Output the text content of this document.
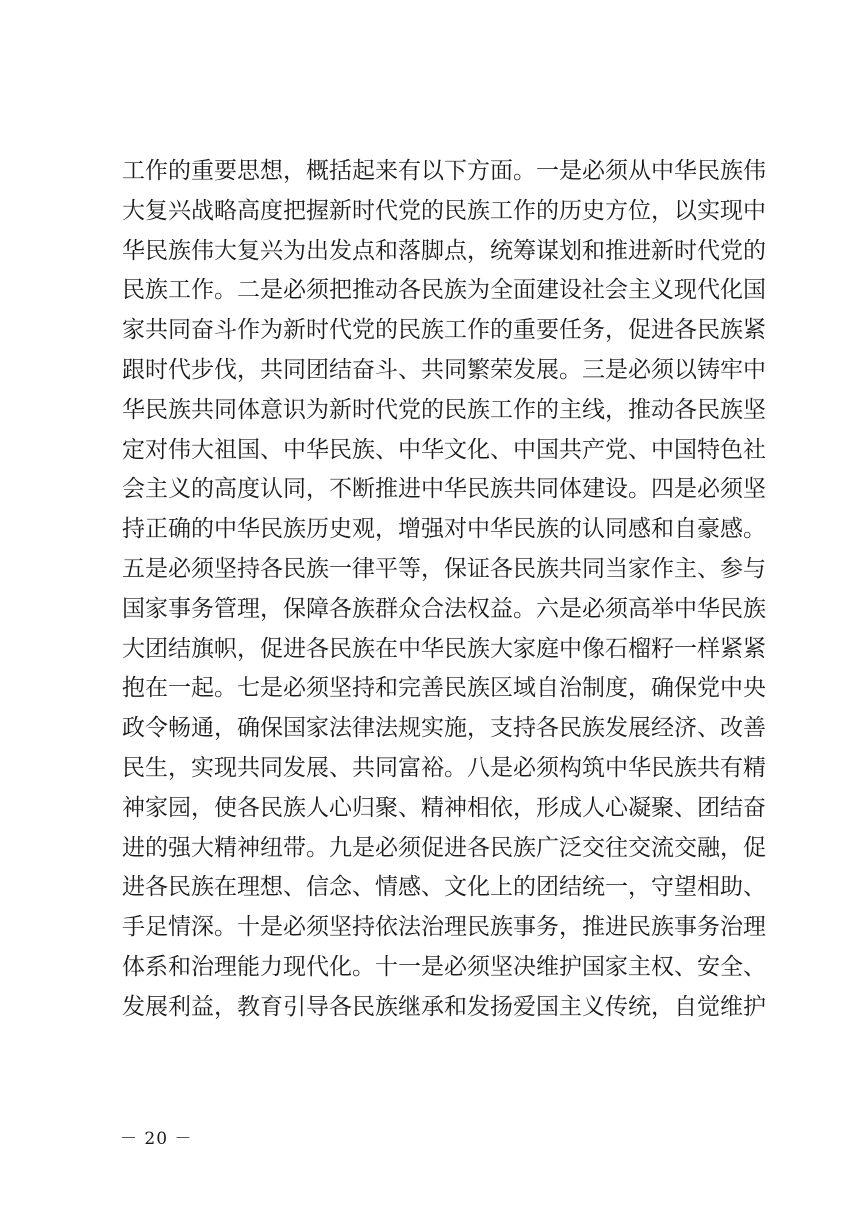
工作的重要思想，概括起来有以下方面。一是必须从中华民族伟
大复兴战略高度把握新时代党的民族工作的历史方位，以实现中
华民族伟大复兴为出发点和落脚点，统筹谋划和推进新时代党的
民族工作。二是必须把推动各民族为全面建设社会主义现代化国
家共同奋斗作为新时代党的民族工作的重要任务，促进各民族紧
跟时代步伐，共同团结奋斗、共同繁荣发展。三是必须以铸牢中
华民族共同体意识为新时代党的民族工作的主线，推动各民族坚
定对伟大祖国、中华民族、中华文化、中国共产党、中国特色社
会主义的高度认同，不断推进中华民族共同体建设。四是必须坚
持正确的中华民族历史观，增强对中华民族的认同感和自豪感。
五是必须坚持各民族一律平等，保证各民族共同当家作主、参与
国家事务管理，保障各族群众合法权益。六是必须高举中华民族
大团结旗帜，促进各民族在中华民族大家庭中像石榴籽一样紧紧
抱在一起。七是必须坚持和完善民族区域自治制度，确保党中央
政令畅通，确保国家法律法规实施，支持各民族发展经济、改善
民生，实现共同发展、共同富裕。八是必须构筑中华民族共有精
神家园，使各民族人心归聚、精神相依，形成人心凝聚、团结奋
进的强大精神纽带。九是必须促进各民族广泛交往交流交融，促
进各民族在理想、信念、情感、文化上的团结统一，守望相助、
手足情深。十是必须坚持依法治理民族事务，推进民族事务治理
体系和治理能力现代化。十一是必须坚决维护国家主权、安全、
发展利益，教育引导各民族继承和发扬爱国主义传统，自觉维护
－ 20 －
